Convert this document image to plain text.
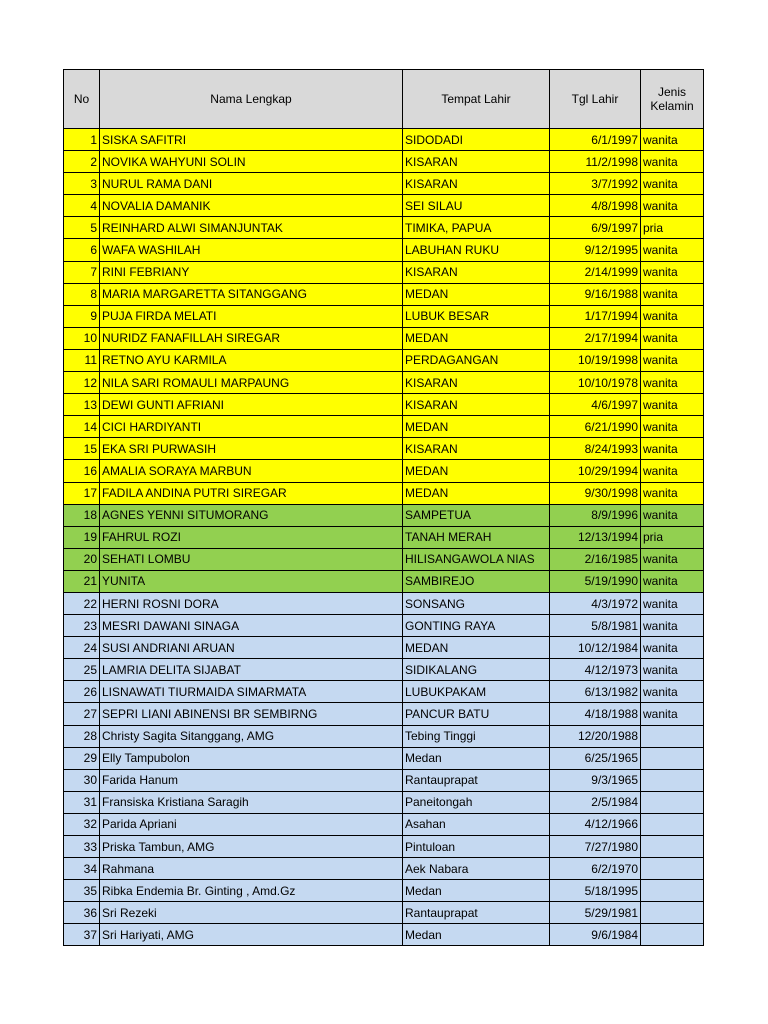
No	Nama Lengkap	Tempat Lahir	Tgl Lahir	Jenis
Kelamin
1	SISKA SAFITRI	SIDODADI	6/1/1997	wanita
2	NOVIKA WAHYUNI SOLIN	KISARAN	11/2/1998	wanita
3	NURUL RAMA DANI	KISARAN	3/7/1992	wanita
4	NOVALIA DAMANIK	SEI SILAU	4/8/1998	wanita
5	REINHARD ALWI SIMANJUNTAK	TIMIKA, PAPUA	6/9/1997	pria
6	WAFA WASHILAH	LABUHAN RUKU	9/12/1995	wanita
7	RINI FEBRIANY	KISARAN	2/14/1999	wanita
8	MARIA MARGARETTA SITANGGANG	MEDAN	9/16/1988	wanita
9	PUJA FIRDA MELATI	LUBUK BESAR	1/17/1994	wanita
10	NURIDZ FANAFILLAH SIREGAR	MEDAN	2/17/1994	wanita
11	RETNO AYU KARMILA	PERDAGANGAN	10/19/1998	wanita
12	NILA SARI ROMAULI MARPAUNG	KISARAN	10/10/1978	wanita
13	DEWI GUNTI AFRIANI	KISARAN	4/6/1997	wanita
14	CICI HARDIYANTI	MEDAN	6/21/1990	wanita
15	EKA SRI PURWASIH	KISARAN	8/24/1993	wanita
16	AMALIA SORAYA MARBUN	MEDAN	10/29/1994	wanita
17	FADILA ANDINA PUTRI SIREGAR	MEDAN	9/30/1998	wanita
18	AGNES YENNI SITUMORANG	SAMPETUA	8/9/1996	wanita
19	FAHRUL ROZI	TANAH MERAH	12/13/1994	pria
20	SEHATI LOMBU	HILISANGAWOLA NIAS	2/16/1985	wanita
21	YUNITA	SAMBIREJO	5/19/1990	wanita
22	HERNI ROSNI DORA	SONSANG	4/3/1972	wanita
23	MESRI DAWANI SINAGA	GONTING RAYA	5/8/1981	wanita
24	SUSI ANDRIANI ARUAN	MEDAN	10/12/1984	wanita
25	LAMRIA DELITA SIJABAT	SIDIKALANG	4/12/1973	wanita
26	LISNAWATI TIURMAIDA SIMARMATA	LUBUKPAKAM	6/13/1982	wanita
27	SEPRI LIANI ABINENSI BR SEMBIRNG	PANCUR BATU	4/18/1988	wanita
28	Christy Sagita Sitanggang, AMG	Tebing Tinggi	12/20/1988	
29	Elly Tampubolon	Medan	6/25/1965	
30	Farida Hanum	Rantauprapat	9/3/1965	
31	Fransiska Kristiana Saragih	Paneitongah	2/5/1984	
32	Parida Apriani	Asahan	4/12/1966	
33	Priska Tambun, AMG	Pintuloan	7/27/1980	
34	Rahmana	Aek Nabara	6/2/1970	
35	Ribka Endemia Br. Ginting , Amd.Gz	Medan	5/18/1995	
36	Sri Rezeki	Rantauprapat	5/29/1981	
37	Sri Hariyati, AMG	Medan	9/6/1984	
